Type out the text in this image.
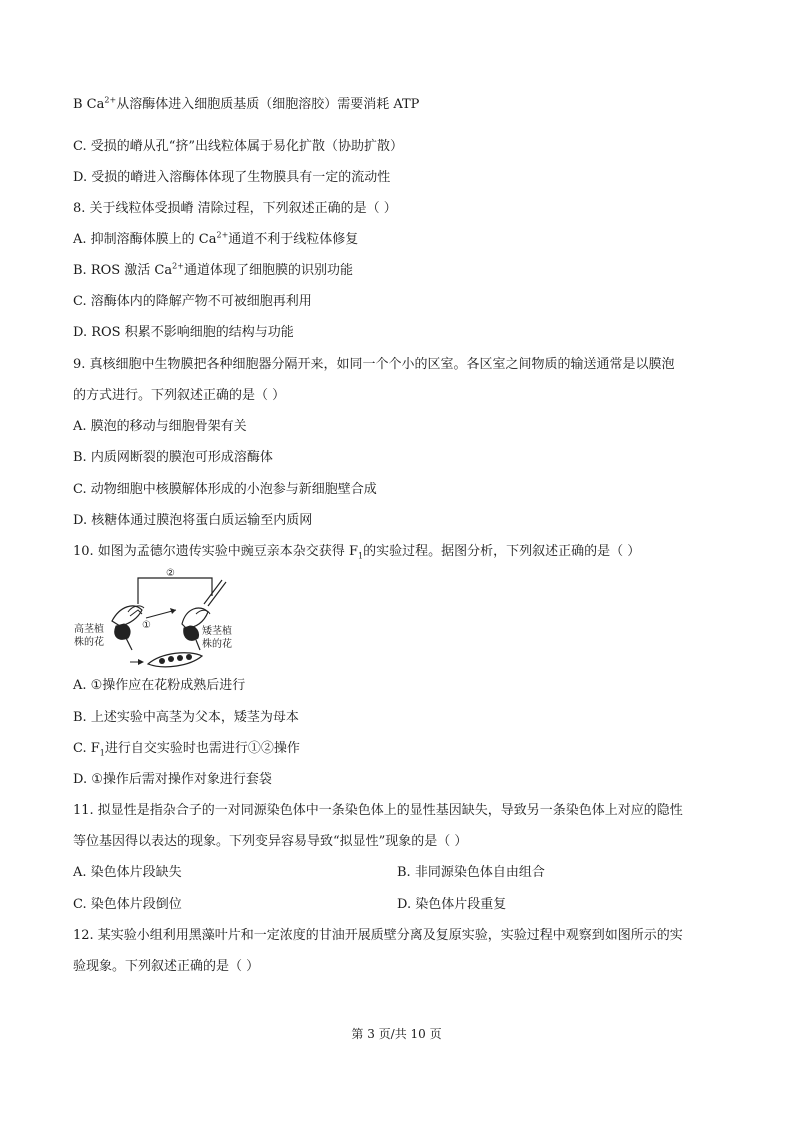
B $Ca^{2+}$从溶酶体进入细胞质基质（细胞溶胶）需要消耗 ATP
C. 受损的嵴从孔“挤”出线粒体属于易化扩散（协助扩散）
D. 受损的嵴进入溶酶体体现了生物膜具有一定的流动性
8. 关于线粒体受损嵴 清除过程，下列叙述正确的是（ ）
A. 抑制溶酶体膜上的 $Ca^{2+}$通道不利于线粒体修复
B. ROS 激活 $Ca^{2+}$通道体现了细胞膜的识别功能
C. 溶酶体内的降解产物不可被细胞再利用
D. ROS 积累不影响细胞的结构与功能
9. 真核细胞中生物膜把各种细胞器分隔开来，如同一个个小的区室。各区室之间物质的输送通常是以膜泡
的方式进行。下列叙述正确的是（ ）
A. 膜泡的移动与细胞骨架有关
B. 内质网断裂的膜泡可形成溶酶体
C. 动物细胞中核膜解体形成的小泡参与新细胞壁合成
D. 核糖体通过膜泡将蛋白质运输至内质网
10. 如图为孟德尔遗传实验中豌豆亲本杂交获得 $F_1$的实验过程。据图分析，下列叙述正确的是（ ）
②
①
高茎植
株的花
矮茎植
株的花
A. ①操作应在花粉成熟后进行
B. 上述实验中高茎为父本，矮茎为母本
C. $F_1$进行自交实验时也需进行①②操作
D. ①操作后需对操作对象进行套袋
11. 拟显性是指杂合子的一对同源染色体中一条染色体上的显性基因缺失，导致另一条染色体上对应的隐性
等位基因得以表达的现象。下列变异容易导致“拟显性”现象的是（ ）
A. 染色体片段缺失	B. 非同源染色体自由组合
C. 染色体片段倒位	D. 染色体片段重复
12. 某实验小组利用黑藻叶片和一定浓度的甘油开展质壁分离及复原实验，实验过程中观察到如图所示的实
验现象。下列叙述正确的是（ ）
第 3 页/共 10 页
